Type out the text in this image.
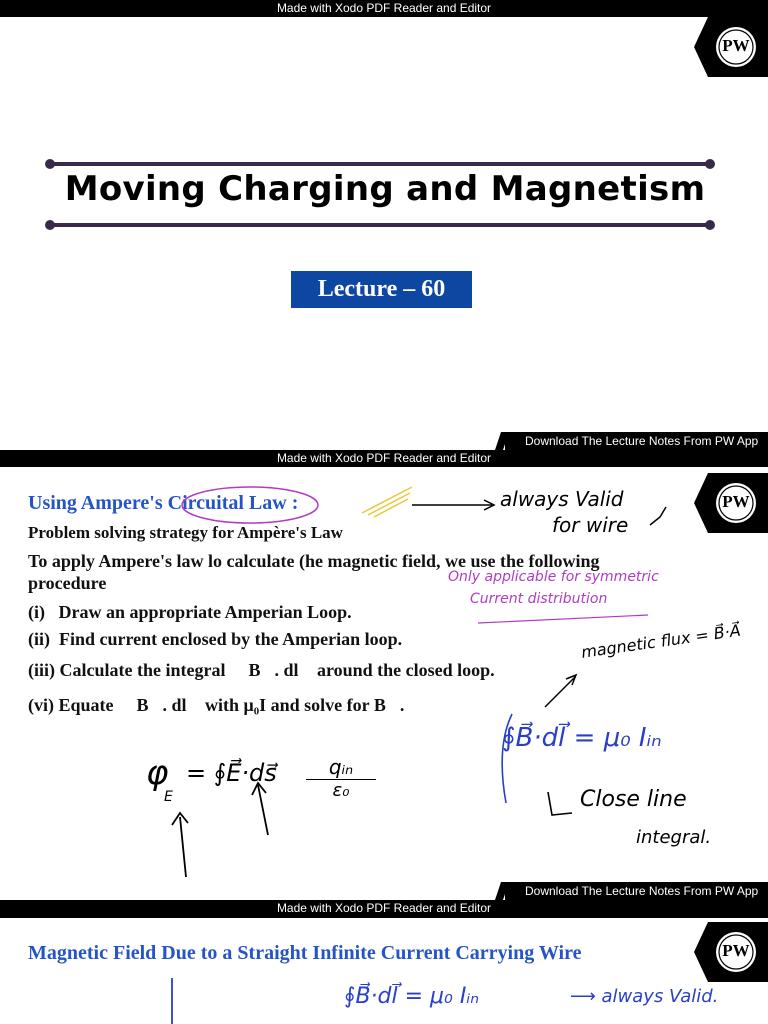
Made with Xodo PDF Reader and Editor
PW
Moving Charging and Magnetism
Lecture – 60
Download The Lecture Notes From PW App
Made with Xodo PDF Reader and Editor
PW
Using Ampere's Circuital Law :
Problem solving strategy for Ampère's Law
To apply Ampere's law lo calculate (he magnetic field, we use the following
procedure
(i) Draw an appropriate Amperian Loop.
(ii) Find current enclosed by the Amperian loop.
(iii) Calculate the integral ∮ B⃗. dl⃗ around the closed loop.
(vi) Equate ∮ B⃗. dl⃗ with μ₀I and solve for B⃗.
always Valid
for wire
Only applicable for symmetric
Current distribution
magnetic flux = B⃗·A⃗
∮B⃗·dl⃗ = μ₀ Iᵢₙ
Close line
integral.
φ
E
= ∮E⃗·ds⃗	qᵢₙ
ε₀
Download The Lecture Notes From PW App
Made with Xodo PDF Reader and Editor
PW
Magnetic Field Due to a Straight Infinite Current Carrying Wire
∮B⃗·dl⃗ = μ₀ Iᵢₙ	⟶ always Valid.
